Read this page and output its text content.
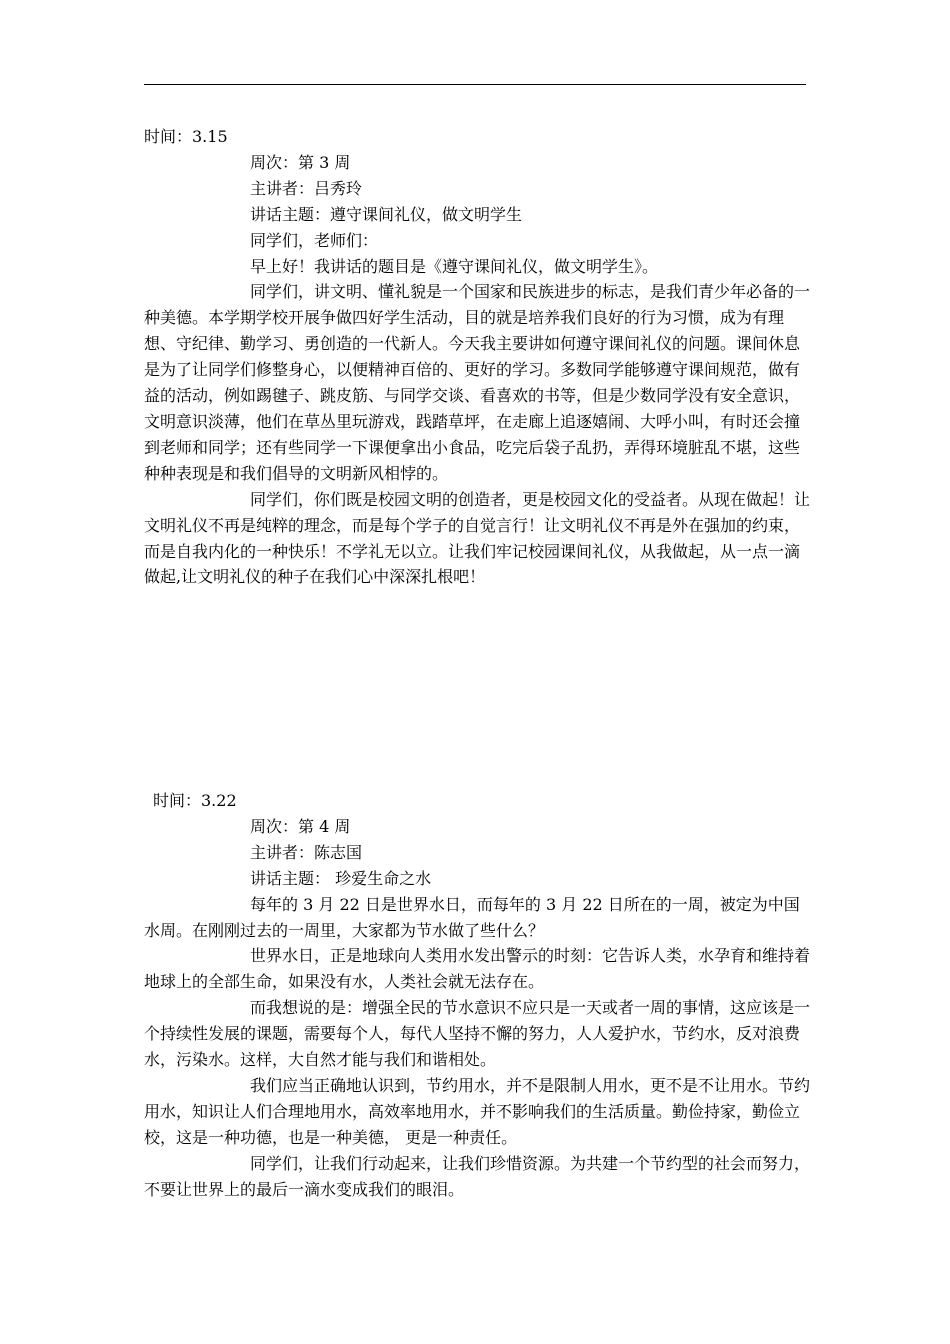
时间：3.15

周次：第 3 周

主讲者：吕秀玲

讲话主题：遵守课间礼仪，做文明学生

同学们，老师们：

早上好！我讲话的题目是《遵守课间礼仪，做文明学生》。

同学们，讲文明、懂礼貌是一个国家和民族进步的标志，是我们青少年必备的一种美德。本学期学校开展争做四好学生活动，目的就是培养我们良好的行为习惯，成为有理想、守纪律、勤学习、勇创造的一代新人。今天我主要讲如何遵守课间礼仪的问题。课间休息是为了让同学们修整身心，以便精神百倍的、更好的学习。多数同学能够遵守课间规范，做有益的活动，例如踢毽子、跳皮筋、与同学交谈、看喜欢的书等，但是少数同学没有安全意识，文明意识淡薄，他们在草丛里玩游戏，践踏草坪，在走廊上追逐嬉闹、大呼小叫，有时还会撞到老师和同学；还有些同学一下课便拿出小食品，吃完后袋子乱扔，弄得环境脏乱不堪，这些种种表现是和我们倡导的文明新风相悖的。

同学们，你们既是校园文明的创造者，更是校园文化的受益者。从现在做起！让文明礼仪不再是纯粹的理念，而是每个学子的自觉言行！让文明礼仪不再是外在强加的约束，而是自我内化的一种快乐！不学礼无以立。让我们牢记校园课间礼仪，从我做起，从一点一滴做起,让文明礼仪的种子在我们心中深深扎根吧！

时间：3.22

周次：第 4 周

主讲者：陈志国

讲话主题： 珍爱生命之水

每年的 3 月 22 日是世界水日，而每年的 3 月 22 日所在的一周，被定为中国水周。在刚刚过去的一周里，大家都为节水做了些什么？

世界水日，正是地球向人类用水发出警示的时刻：它告诉人类，水孕育和维持着地球上的全部生命，如果没有水，人类社会就无法存在。

而我想说的是：增强全民的节水意识不应只是一天或者一周的事情，这应该是一个持续性发展的课题，需要每个人，每代人坚持不懈的努力，人人爱护水，节约水，反对浪费水，污染水。这样，大自然才能与我们和谐相处。

我们应当正确地认识到，节约用水，并不是限制人用水，更不是不让用水。节约用水，知识让人们合理地用水，高效率地用水，并不影响我们的生活质量。勤俭持家，勤俭立校，这是一种功德，也是一种美德， 更是一种责任。

同学们，让我们行动起来，让我们珍惜资源。为共建一个节约型的社会而努力，不要让世界上的最后一滴水变成我们的眼泪。
